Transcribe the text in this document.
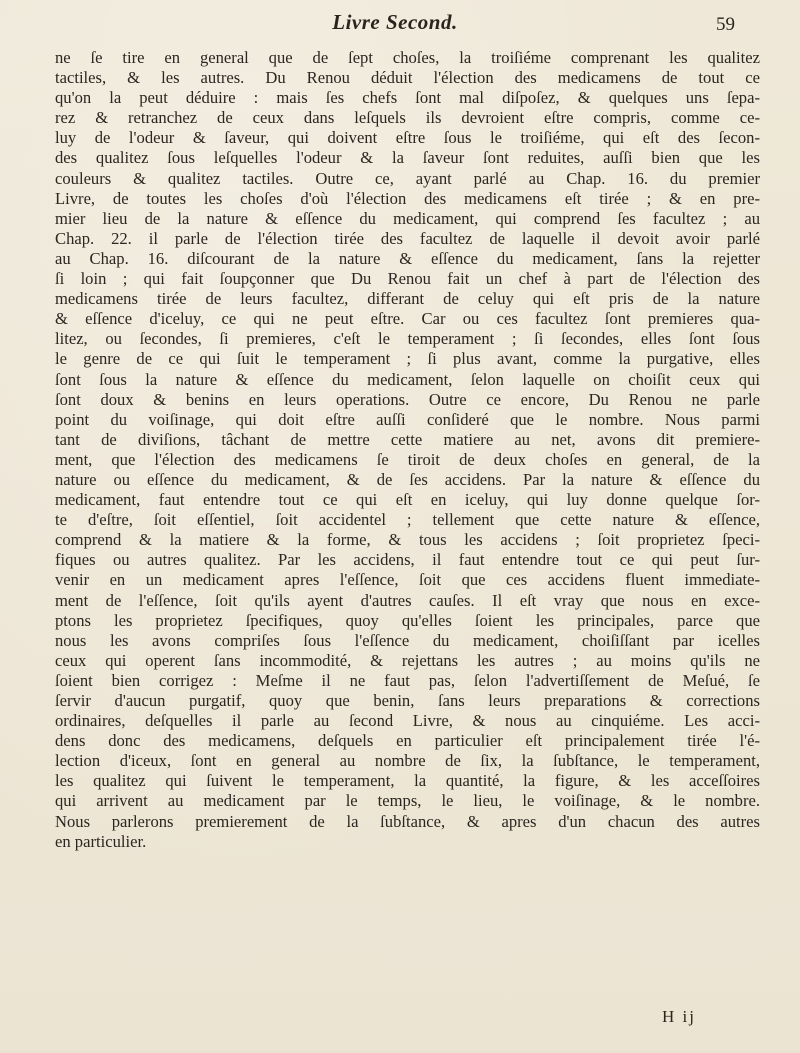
Livre Second.	59
ne ſe tire en general que de ſept choſes, la troiſiéme comprenant les qualitez
tactiles, & les autres. Du Renou déduit l'élection des medicamens de tout ce
qu'on la peut déduire : mais ſes chefs ſont mal diſpoſez, & quelques uns ſepa-
rez & retranchez de ceux dans leſquels ils devroient eſtre compris, comme ce-
luy de l'odeur & ſaveur, qui doivent eſtre ſous le troiſiéme, qui eſt des ſecon-
des qualitez ſous leſquelles l'odeur & la ſaveur ſont reduites, auſſi bien que les
couleurs & qualitez tactiles. Outre ce, ayant parlé au Chap. 16. du premier
Livre, de toutes les choſes d'où l'élection des medicamens eſt tirée ; & en pre-
mier lieu de la nature & eſſence du medicament, qui comprend ſes facultez ; au
Chap. 22. il parle de l'élection tirée des facultez de laquelle il devoit avoir parlé
au Chap. 16. diſcourant de la nature & eſſence du medicament, ſans la rejetter
ſi loin ; qui fait ſoupçonner que Du Renou fait un chef à part de l'élection des
medicamens tirée de leurs facultez, differant de celuy qui eſt pris de la nature
& eſſence d'iceluy, ce qui ne peut eſtre. Car ou ces facultez ſont premieres qua-
litez, ou ſecondes, ſi premieres, c'eſt le temperament ; ſi ſecondes, elles ſont ſous
le genre de ce qui ſuit le temperament ; ſi plus avant, comme la purgative, elles
ſont ſous la nature & eſſence du medicament, ſelon laquelle on choiſit ceux qui
ſont doux & benins en leurs operations. Outre ce encore, Du Renou ne parle
point du voiſinage, qui doit eſtre auſſi conſideré que le nombre. Nous parmi
tant de diviſions, tâchant de mettre cette matiere au net, avons dit premiere-
ment, que l'élection des medicamens ſe tiroit de deux choſes en general, de la
nature ou eſſence du medicament, & de ſes accidens. Par la nature & eſſence du
medicament, faut entendre tout ce qui eſt en iceluy, qui luy donne quelque ſor-
te d'eſtre, ſoit eſſentiel, ſoit accidentel ; tellement que cette nature & eſſence,
comprend & la matiere & la forme, & tous les accidens ; ſoit proprietez ſpeci-
fiques ou autres qualitez. Par les accidens, il faut entendre tout ce qui peut ſur-
venir en un medicament apres l'eſſence, ſoit que ces accidens fluent immediate-
ment de l'eſſence, ſoit qu'ils ayent d'autres cauſes. Il eſt vray que nous en exce-
ptons les proprietez ſpecifiques, quoy qu'elles ſoient les principales, parce que
nous les avons compriſes ſous l'eſſence du medicament, choiſiſſant par icelles
ceux qui operent ſans incommodité, & rejettans les autres ; au moins qu'ils ne
ſoient bien corrigez : Meſme il ne faut pas, ſelon l'advertiſſement de Meſué, ſe
ſervir d'aucun purgatif, quoy que benin, ſans leurs preparations & corrections
ordinaires, deſquelles il parle au ſecond Livre, & nous au cinquiéme. Les acci-
dens donc des medicamens, deſquels en particulier eſt principalement tirée l'é-
lection d'iceux, ſont en general au nombre de ſix, la ſubſtance, le temperament,
les qualitez qui ſuivent le temperament, la quantité, la figure, & les acceſſoires
qui arrivent au medicament par le temps, le lieu, le voiſinage, & le nombre.
Nous parlerons premierement de la ſubſtance, & apres d'un chacun des autres
en particulier.
H ij
